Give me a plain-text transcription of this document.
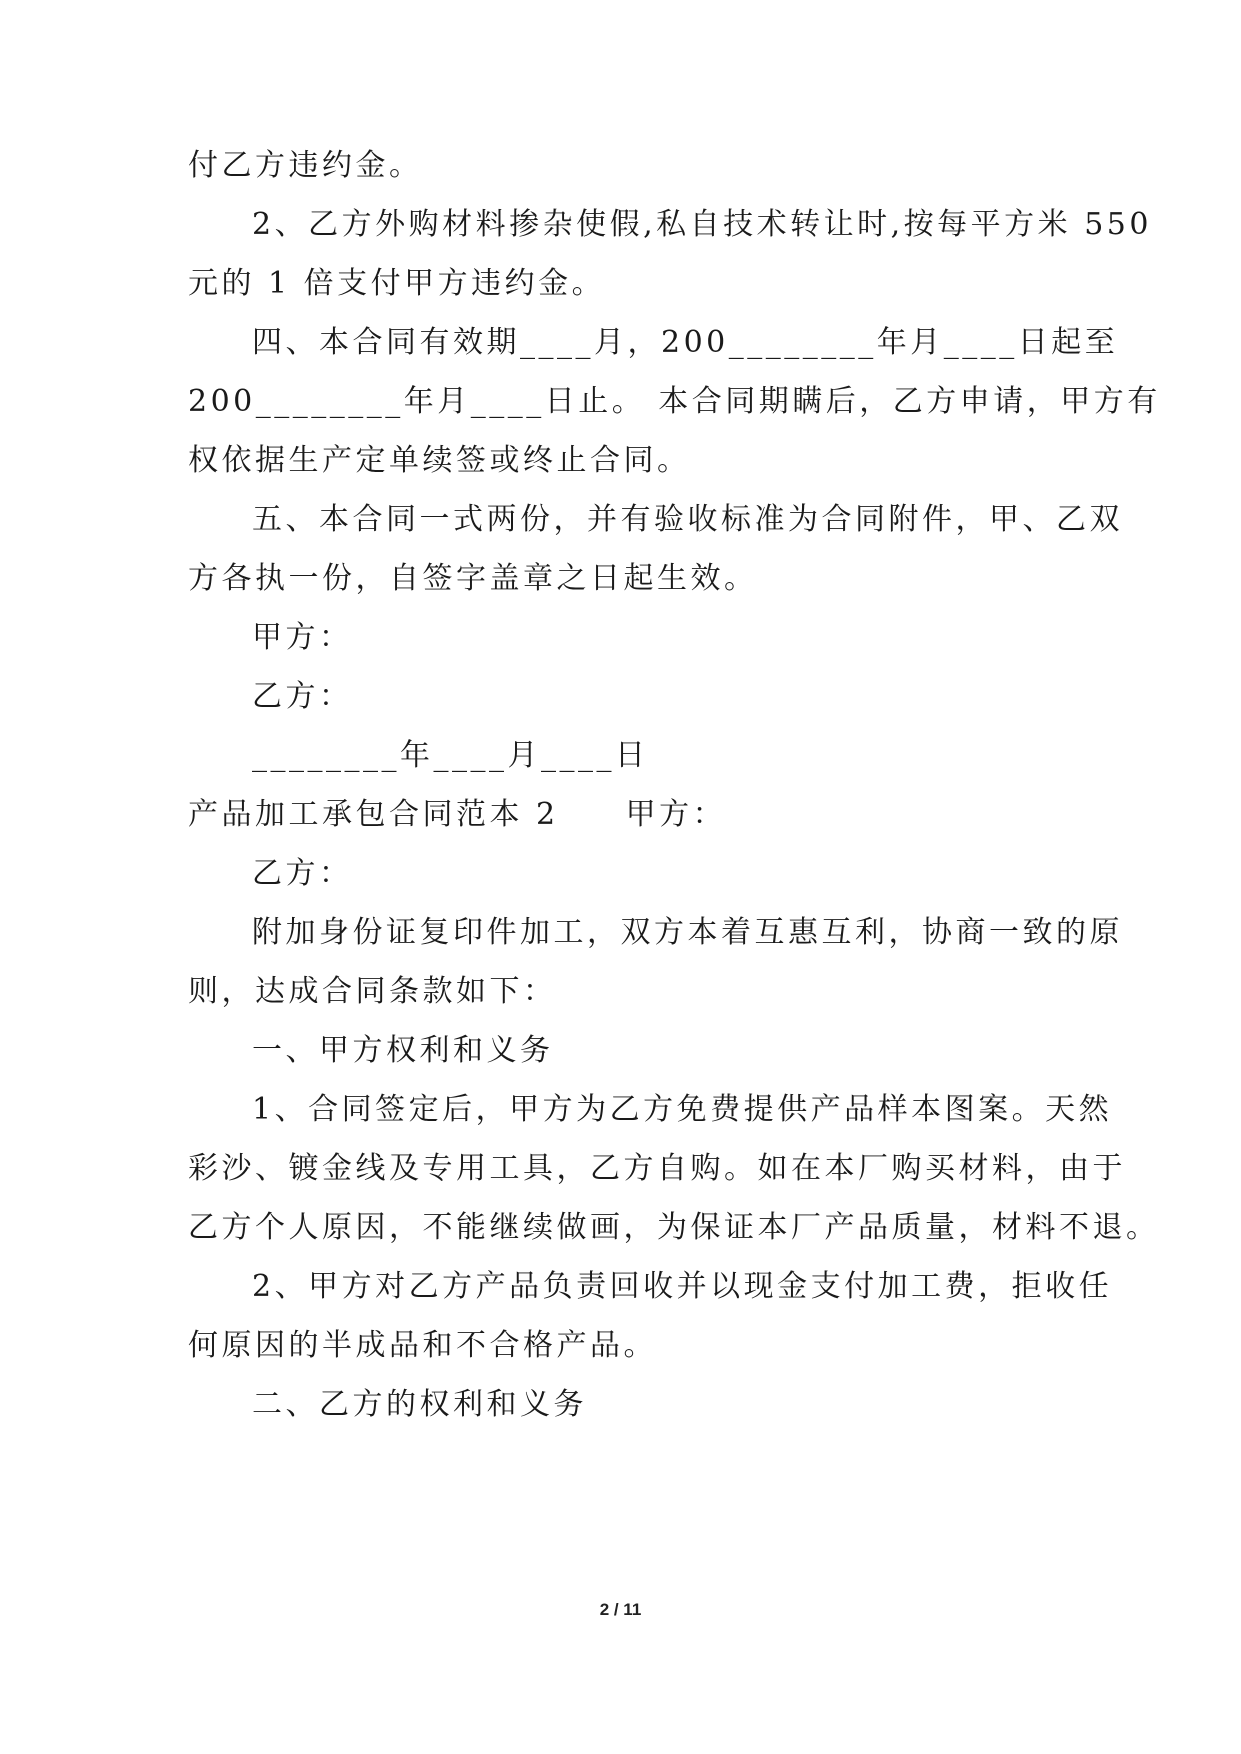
付乙方违约金。
2、乙方外购材料掺杂使假,私自技术转让时,按每平方米 550
元的 1 倍支付甲方违约金。
四、本合同有效期____月，200________年月____日起至
200________年月____日止。 本合同期瞒后，乙方申请，甲方有
权依据生产定单续签或终止合同。
五、本合同一式两份，并有验收标准为合同附件，甲、乙双
方各执一份，自签字盖章之日起生效。
甲方：
乙方：
________年____月____日
产品加工承包合同范本 2　　甲方：
乙方：
附加身份证复印件加工，双方本着互惠互利，协商一致的原
则，达成合同条款如下：
一、甲方权利和义务
1、合同签定后，甲方为乙方免费提供产品样本图案。天然
彩沙、镀金线及专用工具，乙方自购。如在本厂购买材料，由于
乙方个人原因，不能继续做画，为保证本厂产品质量，材料不退。
2、甲方对乙方产品负责回收并以现金支付加工费，拒收任
何原因的半成品和不合格产品。
二、乙方的权利和义务
2 / 11
